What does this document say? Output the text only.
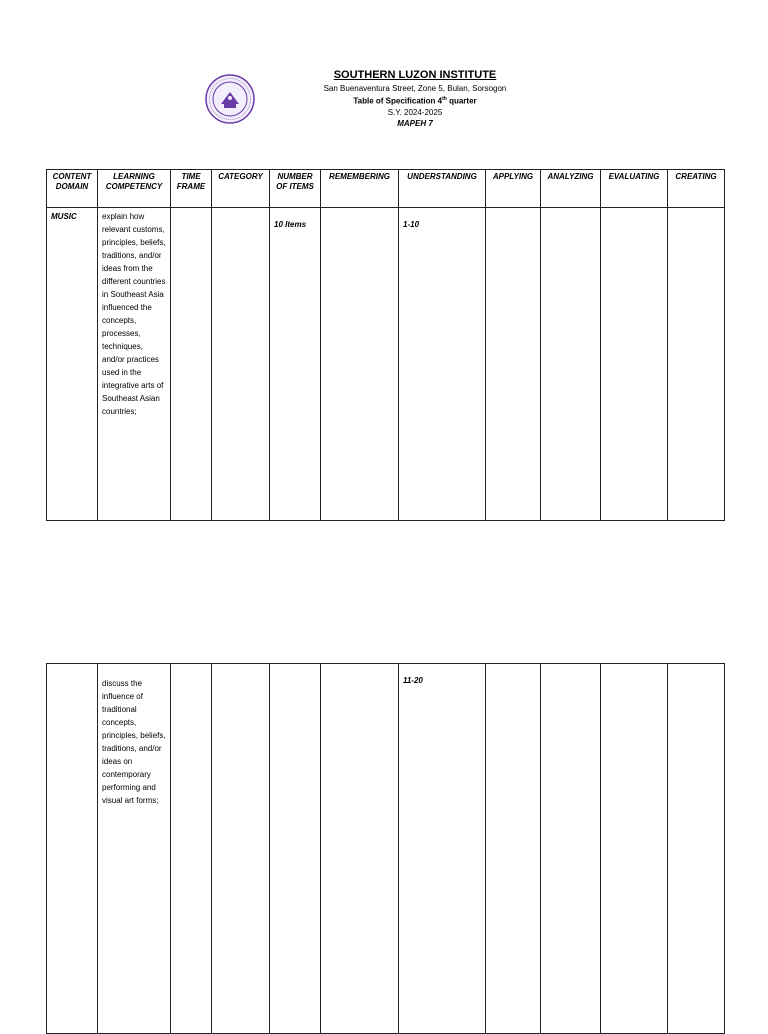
SOUTHERN LUZON INSTITUTE
San Buenaventura Street, Zone 5, Bulan, Sorsogon
Table of Specification 4th quarter
S.Y. 2024-2025
MAPEH 7
CONTENT DOMAIN	LEARNING COMPETENCY	TIME FRAME	CATEGORY	NUMBER OF ITEMS	REMEMBERING	UNDERSTANDING	APPLYING	ANALYZING	EVALUATING	CREATING
MUSIC	explain how relevant customs, principles, beliefs, traditions, and/or ideas from the different countries in Southeast Asia influenced the concepts, processes, techniques, and/or practices used in the integrative arts of Southeast Asian countries;			10 Items		1-10				
	discuss the influence of traditional concepts, principles, beliefs, traditions, and/or ideas on contemporary performing and visual art forms;					11-20				
